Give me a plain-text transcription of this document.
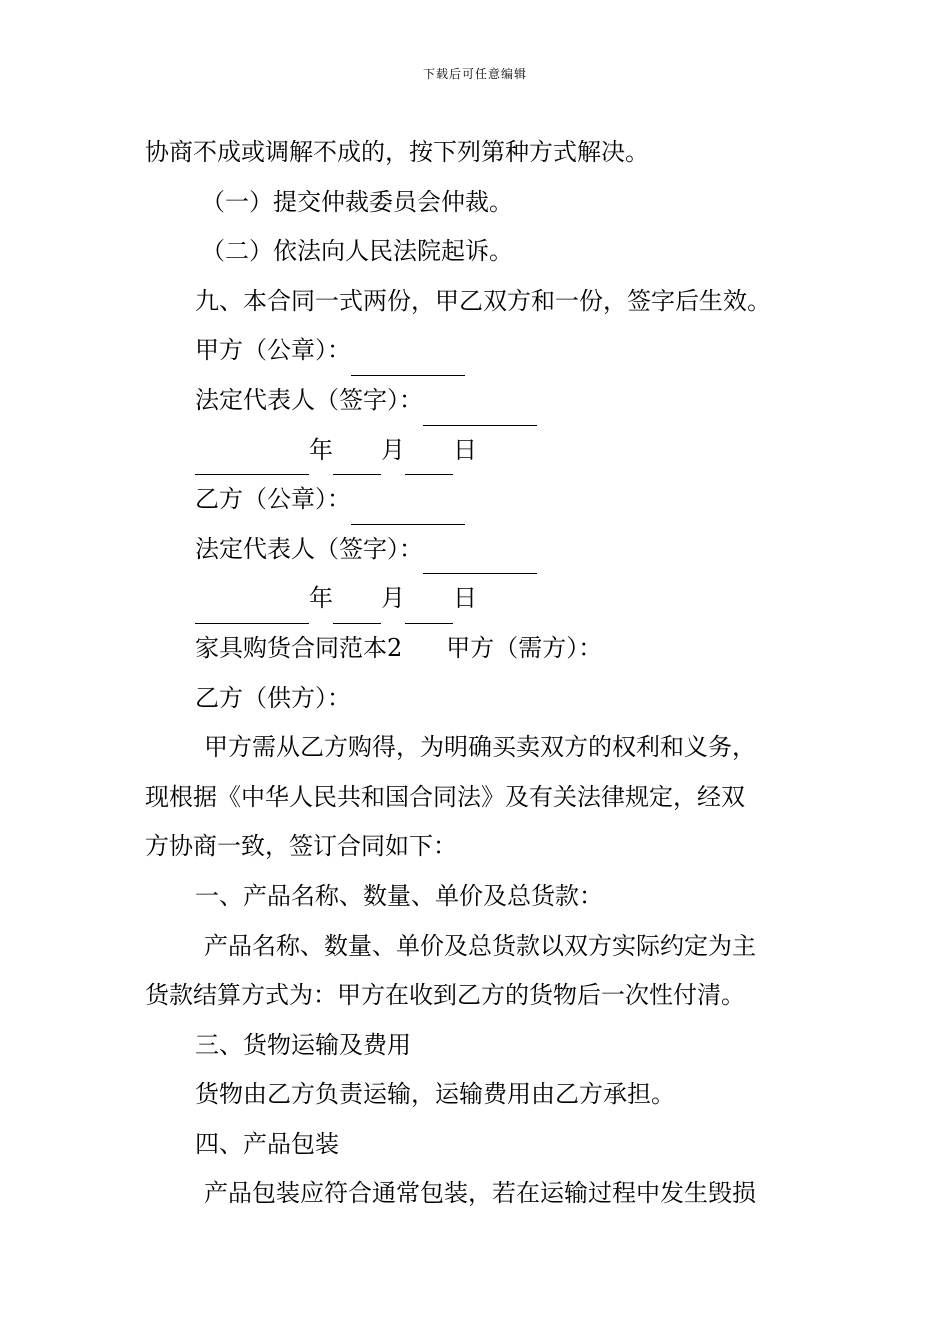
下载后可任意编辑
协商不成或调解不成的，按下列第种方式解决。
（一）提交仲裁委员会仲裁。
（二）依法向人民法院起诉。
九、本合同一式两份，甲乙双方和一份，签字后生效。
甲方（公章）：
法定代表人（签字）：
年 月 日
乙方（公章）：
法定代表人（签字）：
年 月 日
家具购货合同范本2 甲方（需方）：
乙方（供方）：
甲方需从乙方购得，为明确买卖双方的权利和义务，
现根据《中华人民共和国合同法》及有关法律规定，经双
方协商一致，签订合同如下：
一、产品名称、数量、单价及总货款：
产品名称、数量、单价及总货款以双方实际约定为主
货款结算方式为：甲方在收到乙方的货物后一次性付清。
三、货物运输及费用
货物由乙方负责运输，运输费用由乙方承担。
四、产品包装
产品包装应符合通常包装，若在运输过程中发生毁损
